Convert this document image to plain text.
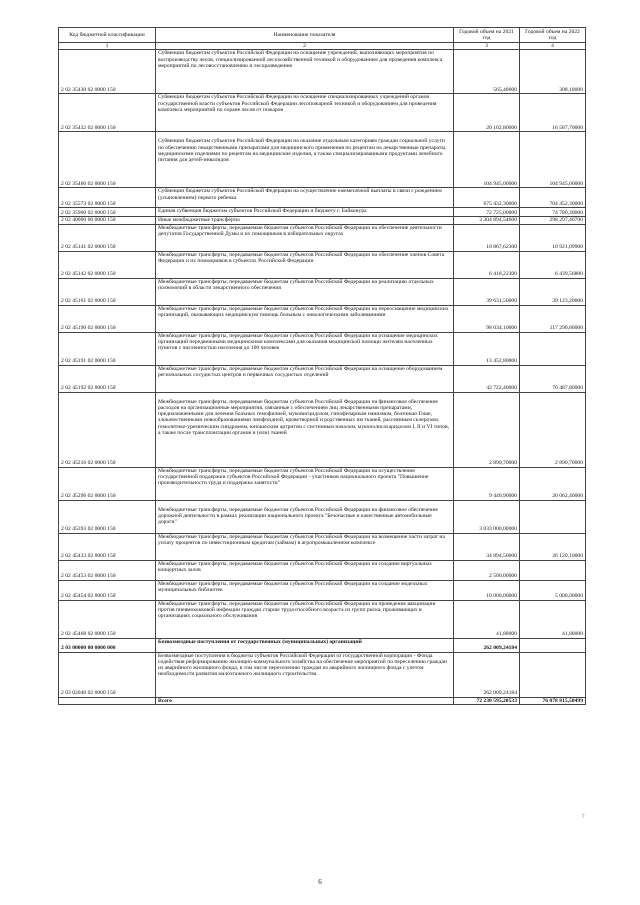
Код бюджетной классификации	Наименование показателя	Годовой объем на 2021 год	Годовой объем на 2022 год
1	2	3	4
2 02 35430 02 0000 150	Субвенции бюджетам субъектов Российской Федерации на оснащение учреждений, выполняющих мероприятия по воспроизводству лесов, специализированной лесохозяйственной техникой и оборудованием для проведения комплекса мероприятий по лесовосстановлению и лесоразведению	565,40000	308,10000
2 02 35432 02 0000 150	Субвенции бюджетам субъектов Российской Федерации на оснащение специализированных учреждений органов государственной власти субъектов Российской Федерации лесопожарной техникой и оборудованием для проведения комплекса мероприятий по охране лесов от пожаров	20 102,80000	16 587,70000
2 02 35460 02 0000 150	Субвенции бюджетам субъектов Российской Федерации на оказание отдельным категориям граждан социальной услуги по обеспечению лекарственными препаратами для медицинского применения по рецептам на лекарственные препараты, медицинскими изделиями по рецептам на медицинские изделия, а также специализированными продуктами лечебного питания для детей-инвалидов	104 945,00000	104 945,00000
2 02 35573 02 0000 150	Субвенции бюджетам субъектов Российской Федерации на осуществление ежемесячной выплаты в связи с рождением (усыновлением) первого ребенка	675 432,30000	704 452,30000
2 02 35900 02 0000 150	Единая субвенция бюджетам субъектов Российской Федерации и бюджету г. Байконура	72 725,00000	74 780,30000
2 02 40000 00 0000 150	Иные межбюджетные трансферты	3 304 894,54600	298 297,46700
2 02 45141 02 0000 150	Межбюджетные трансферты, передаваемые бюджетам субъектов Российской Федерации на обеспечение деятельности депутатов Государственной Думы и их помощников в избирательных округах	10 867,62300	10 921,09900
2 02 45142 02 0000 150	Межбюджетные трансферты, передаваемые бюджетам субъектов Российской Федерации на обеспечение членов Совета Федерации и их помощников в субъектах Российской Федерации	6 418,22300	6 439,56800
2 02 45161 02 0000 150	Межбюджетные трансферты, передаваемые бюджетам субъектов Российской Федерации на реализацию отдельных полномочий в области лекарственного обеспечения	39 631,50000	39 123,20000
2 02 45190 02 0000 150	Межбюджетные трансферты, передаваемые бюджетам субъектов Российской Федерации на переоснащение медицинских организаций, оказывающих медицинскую помощь больным с онкологическими заболеваниями	98 034,10000	117 290,80000
2 02 45191 02 0000 150	Межбюджетные трансферты, передаваемые бюджетам субъектов Российской Федерации на оснащение медицинских организаций передвижными медицинскими комплексами для оказания медицинской помощи жителям населенных пунктов с численностью населения до 100 человек	13 452,80000	
2 02 45192 02 0000 150	Межбюджетные трансферты, передаваемые бюджетам субъектов Российской Федерации на оснащение оборудованием региональных сосудистых центров и первичных сосудистых отделений	43 722,40000	70 487,80000
2 02 45216 02 0000 150	Межбюджетные трансферты, передаваемые бюджетам субъектов Российской Федерации на финансовое обеспечение расходов на организационные мероприятия, связанные с обеспечением лиц лекарственными препаратами, предназначенными для лечения больных гемофилией, муковисцидозом, гипофизарным нанизмом, болезнью Гоше, злокачественными новообразованиями лимфоидной, кроветворной и родственных им тканей, рассеянным склерозом, гемолитико-уремическим синдромом, юношеским артритом с системным началом, мукополисахаридозом I, II и VI типов, а также после трансплантации органов и (или) тканей	2 890,70000	2 890,70000
2 02 45296 02 0000 150	Межбюджетные трансферты, передаваемые бюджетам субъектов Российской Федерации на осуществление государственной поддержки субъектов Российской Федерации - участников национального проекта "Повышение производительности труда и поддержка занятости"	9 440,90000	20 062,40000
2 02 45393 02 0000 150	Межбюджетные трансферты, передаваемые бюджетам субъектов Российской Федерации на финансовое обеспечение дорожной деятельности в рамках реализации национального проекта "Безопасные и качественные автомобильные дороги"	3 033 000,00000	
2 02 45433 02 0000 150	Межбюджетные трансферты, передаваемые бюджетам субъектов Российской Федерации на возмещение части затрат на уплату процентов по инвестиционным кредитам (займам) в агропромышленном комплексе	34 894,50000	26 120,10000
2 02 45453 02 0000 150	Межбюджетные трансферты, передаваемые бюджетам субъектов Российской Федерации на создание виртуальных концертных залов	2 500,00000	
2 02 45454 02 0000 150	Межбюджетные трансферты, передаваемые бюджетам субъектов Российской Федерации на создание модельных муниципальных библиотек	10 000,00000	5 000,00000
2 02 45468 02 0000 150	Межбюджетные трансферты, передаваемые бюджетам субъектов Российской Федерации на проведение вакцинации против пневмококковой инфекции граждан старше трудоспособного возраста из групп риска, проживающих в организациях социального обслуживания	41,80000	41,80000
2 03 00000 00 0000 000	Безвозмездные поступления от государственных (муниципальных) организаций	262 009,24184	
2 03 02040 02 0000 150	Безвозмездные поступления в бюджеты субъектов Российской Федерации от государственной корпорации - Фонда содействия реформированию жилищно-коммунального хозяйства на обеспечение мероприятий по переселению граждан из аварийного жилищного фонда, в том числе переселению граждан из аварийного жилищного фонда с учетом необходимости развития малоэтажного жилищного строительства	262 009,24184	
	Всего	72 230 595,20533	76 078 815,50499
7
6
